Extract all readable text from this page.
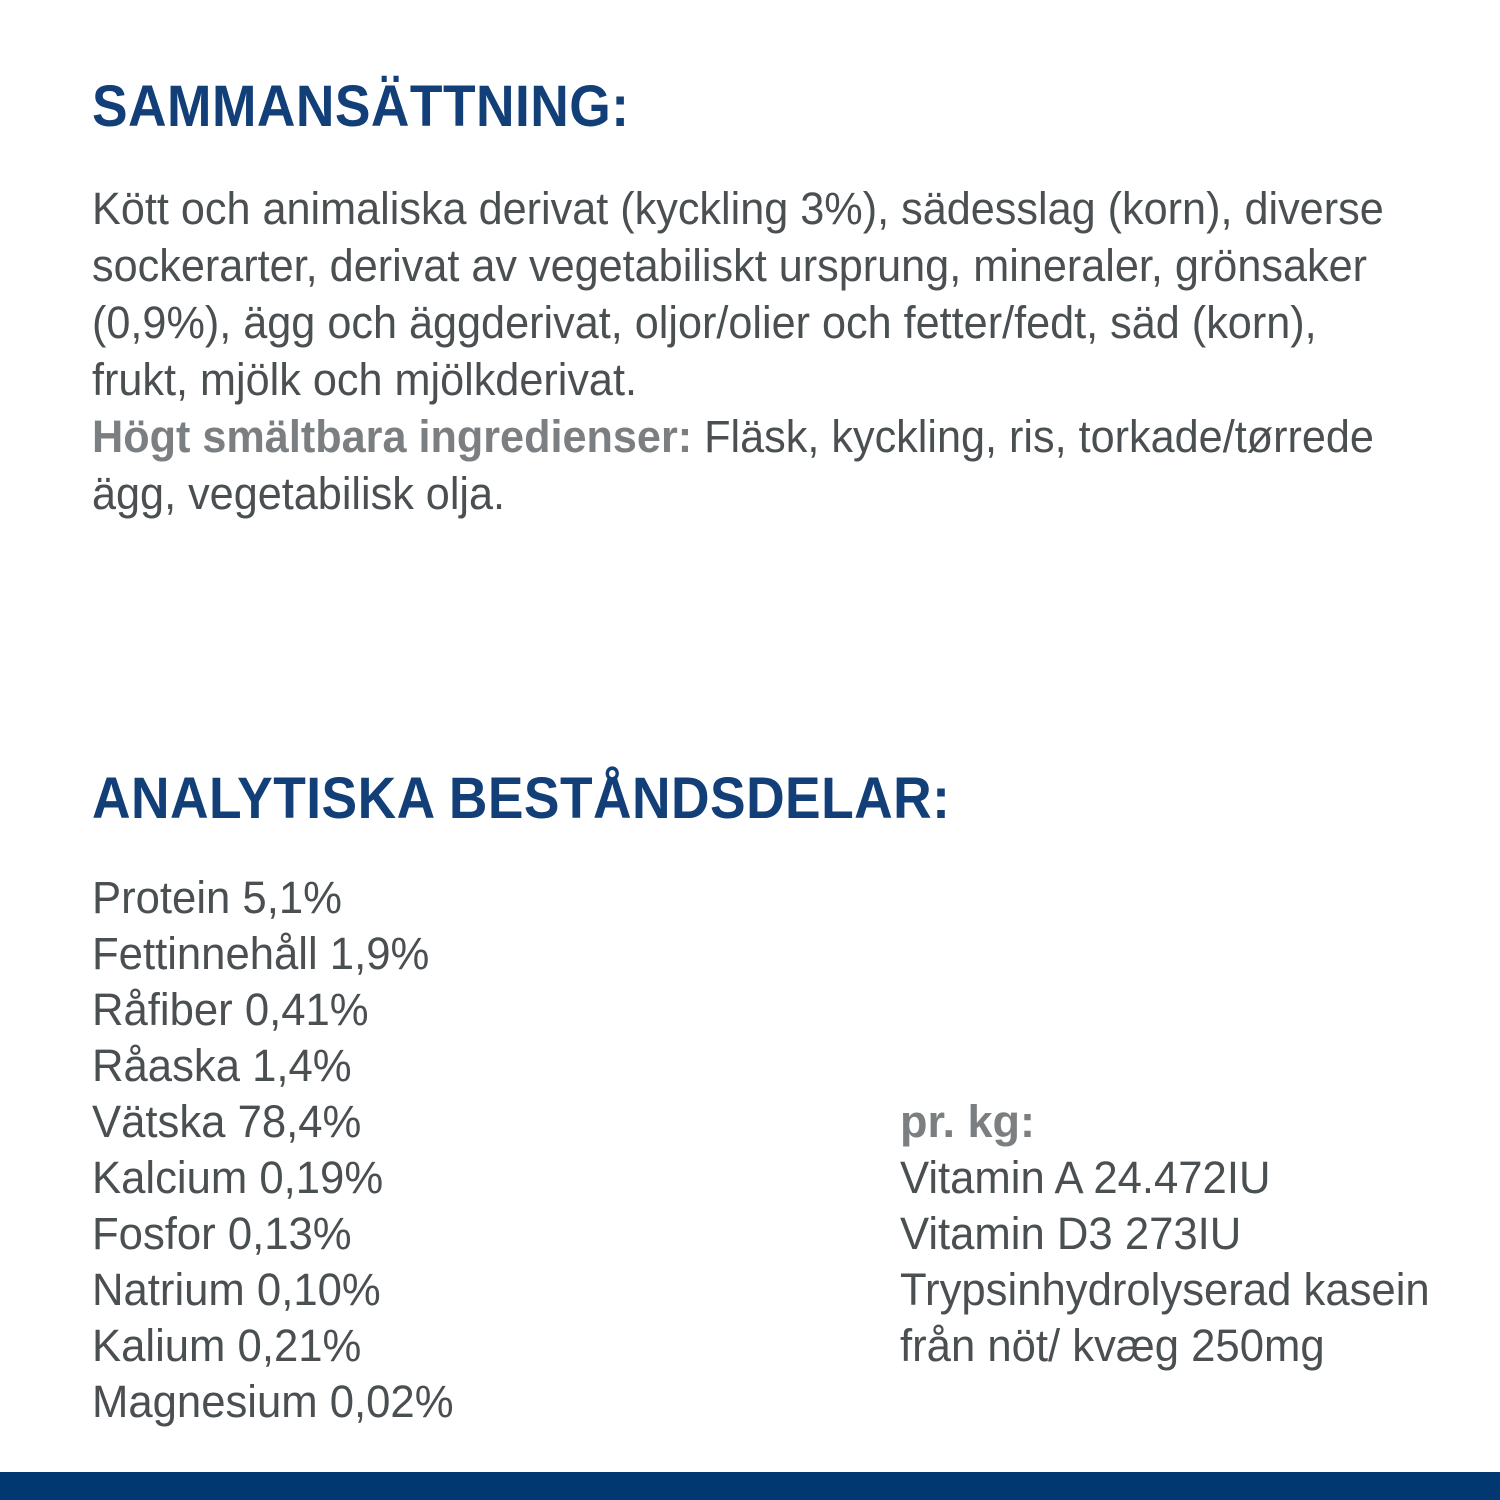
SAMMANSÄTTNING:
Kött och animaliska derivat (kyckling 3%), sädesslag (korn), diverse sockerarter, derivat av vegetabiliskt ursprung, mineraler, grönsaker (0,9%), ägg och äggderivat, oljor/olier och fetter/fedt, säd (korn), frukt, mjölk och mjölkderivat.
Högt smältbara ingredienser: Fläsk, kyckling, ris, torkade/tørrede ägg, vegetabilisk olja.
ANALYTISKA BESTÅNDSDELAR:
Protein 5,1%
Fettinnehåll 1,9%
Råfiber 0,41%
Råaska 1,4%
Vätska 78,4%
Kalcium 0,19%
Fosfor 0,13%
Natrium 0,10%
Kalium 0,21%
Magnesium 0,02%
pr. kg:
Vitamin A 24.472IU
Vitamin D3 273IU
Trypsinhydrolyserad kasein från nöt/ kvæg 250mg
